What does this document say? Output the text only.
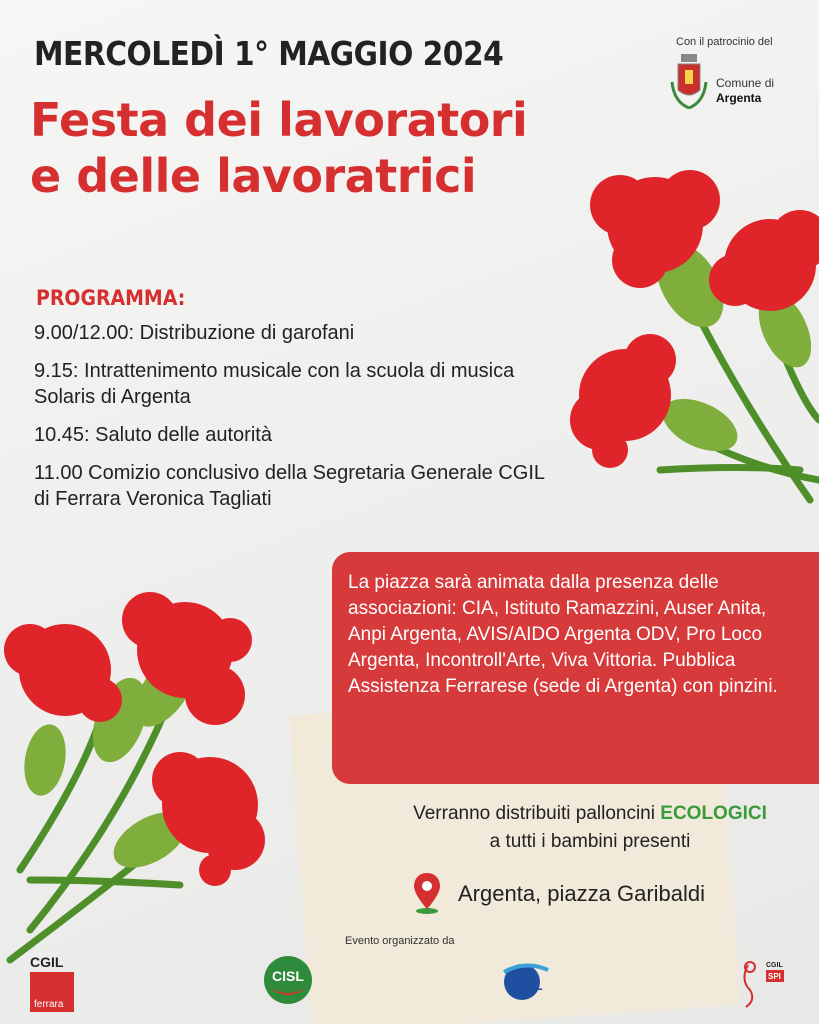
MERCOLEDÌ 1° MAGGIO 2024
Festa dei lavoratori
e delle lavoratrici
Con il patrocinio del
Comune di
Argenta
PROGRAMMA:

9.00/12.00: Distribuzione di garofani

9.15: Intrattenimento musicale con la scuola di musica Solaris di Argenta

10.45: Saluto delle autorità

11.00 Comizio conclusivo della Segretaria Generale CGIL di Ferrara Veronica Tagliati

La piazza sarà animata dalla presenza delle associazioni: CIA, Istituto Ramazzini, Auser Anita, Anpi Argenta, AVIS/AIDO Argenta ODV, Pro Loco Argenta, Incontroll'Arte, Viva Vittoria. Pubblica Assistenza Ferrarese (sede di Argenta) con pinzini.
Verranno distribuiti palloncini ECOLOGICI
a tutti i bambini presenti
Argenta, piazza Garibaldi
Evento organizzato da
CGIL
ferrara
CISL
UIL
CGIL
SPI
